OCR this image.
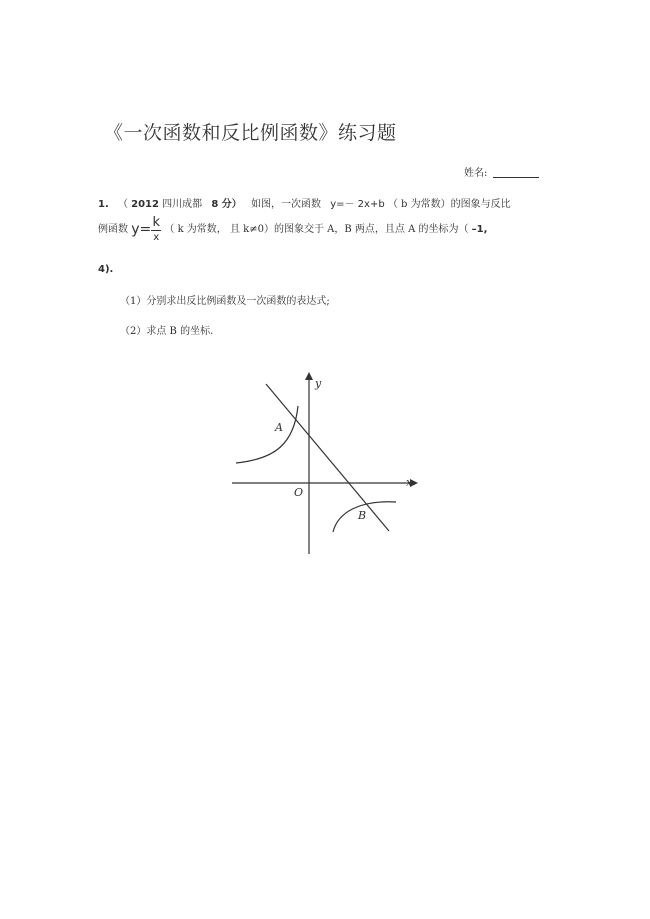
《一次函数和反比例函数》练习题
姓名:
1. （ 2012 四川成都 8 分） 如图，一次函数 y=－ 2x+b （ b 为常数）的图象与反比
例函数 $y= \frac{k}{x}$ （ k 为常数， 且 k≠0）的图象交于 A，B 两点，且点 A 的坐标为（ –1,
4).
（1）分别求出反比例函数及一次函数的表达式;
（2）求点 B 的坐标.
y
x
O
A
B
